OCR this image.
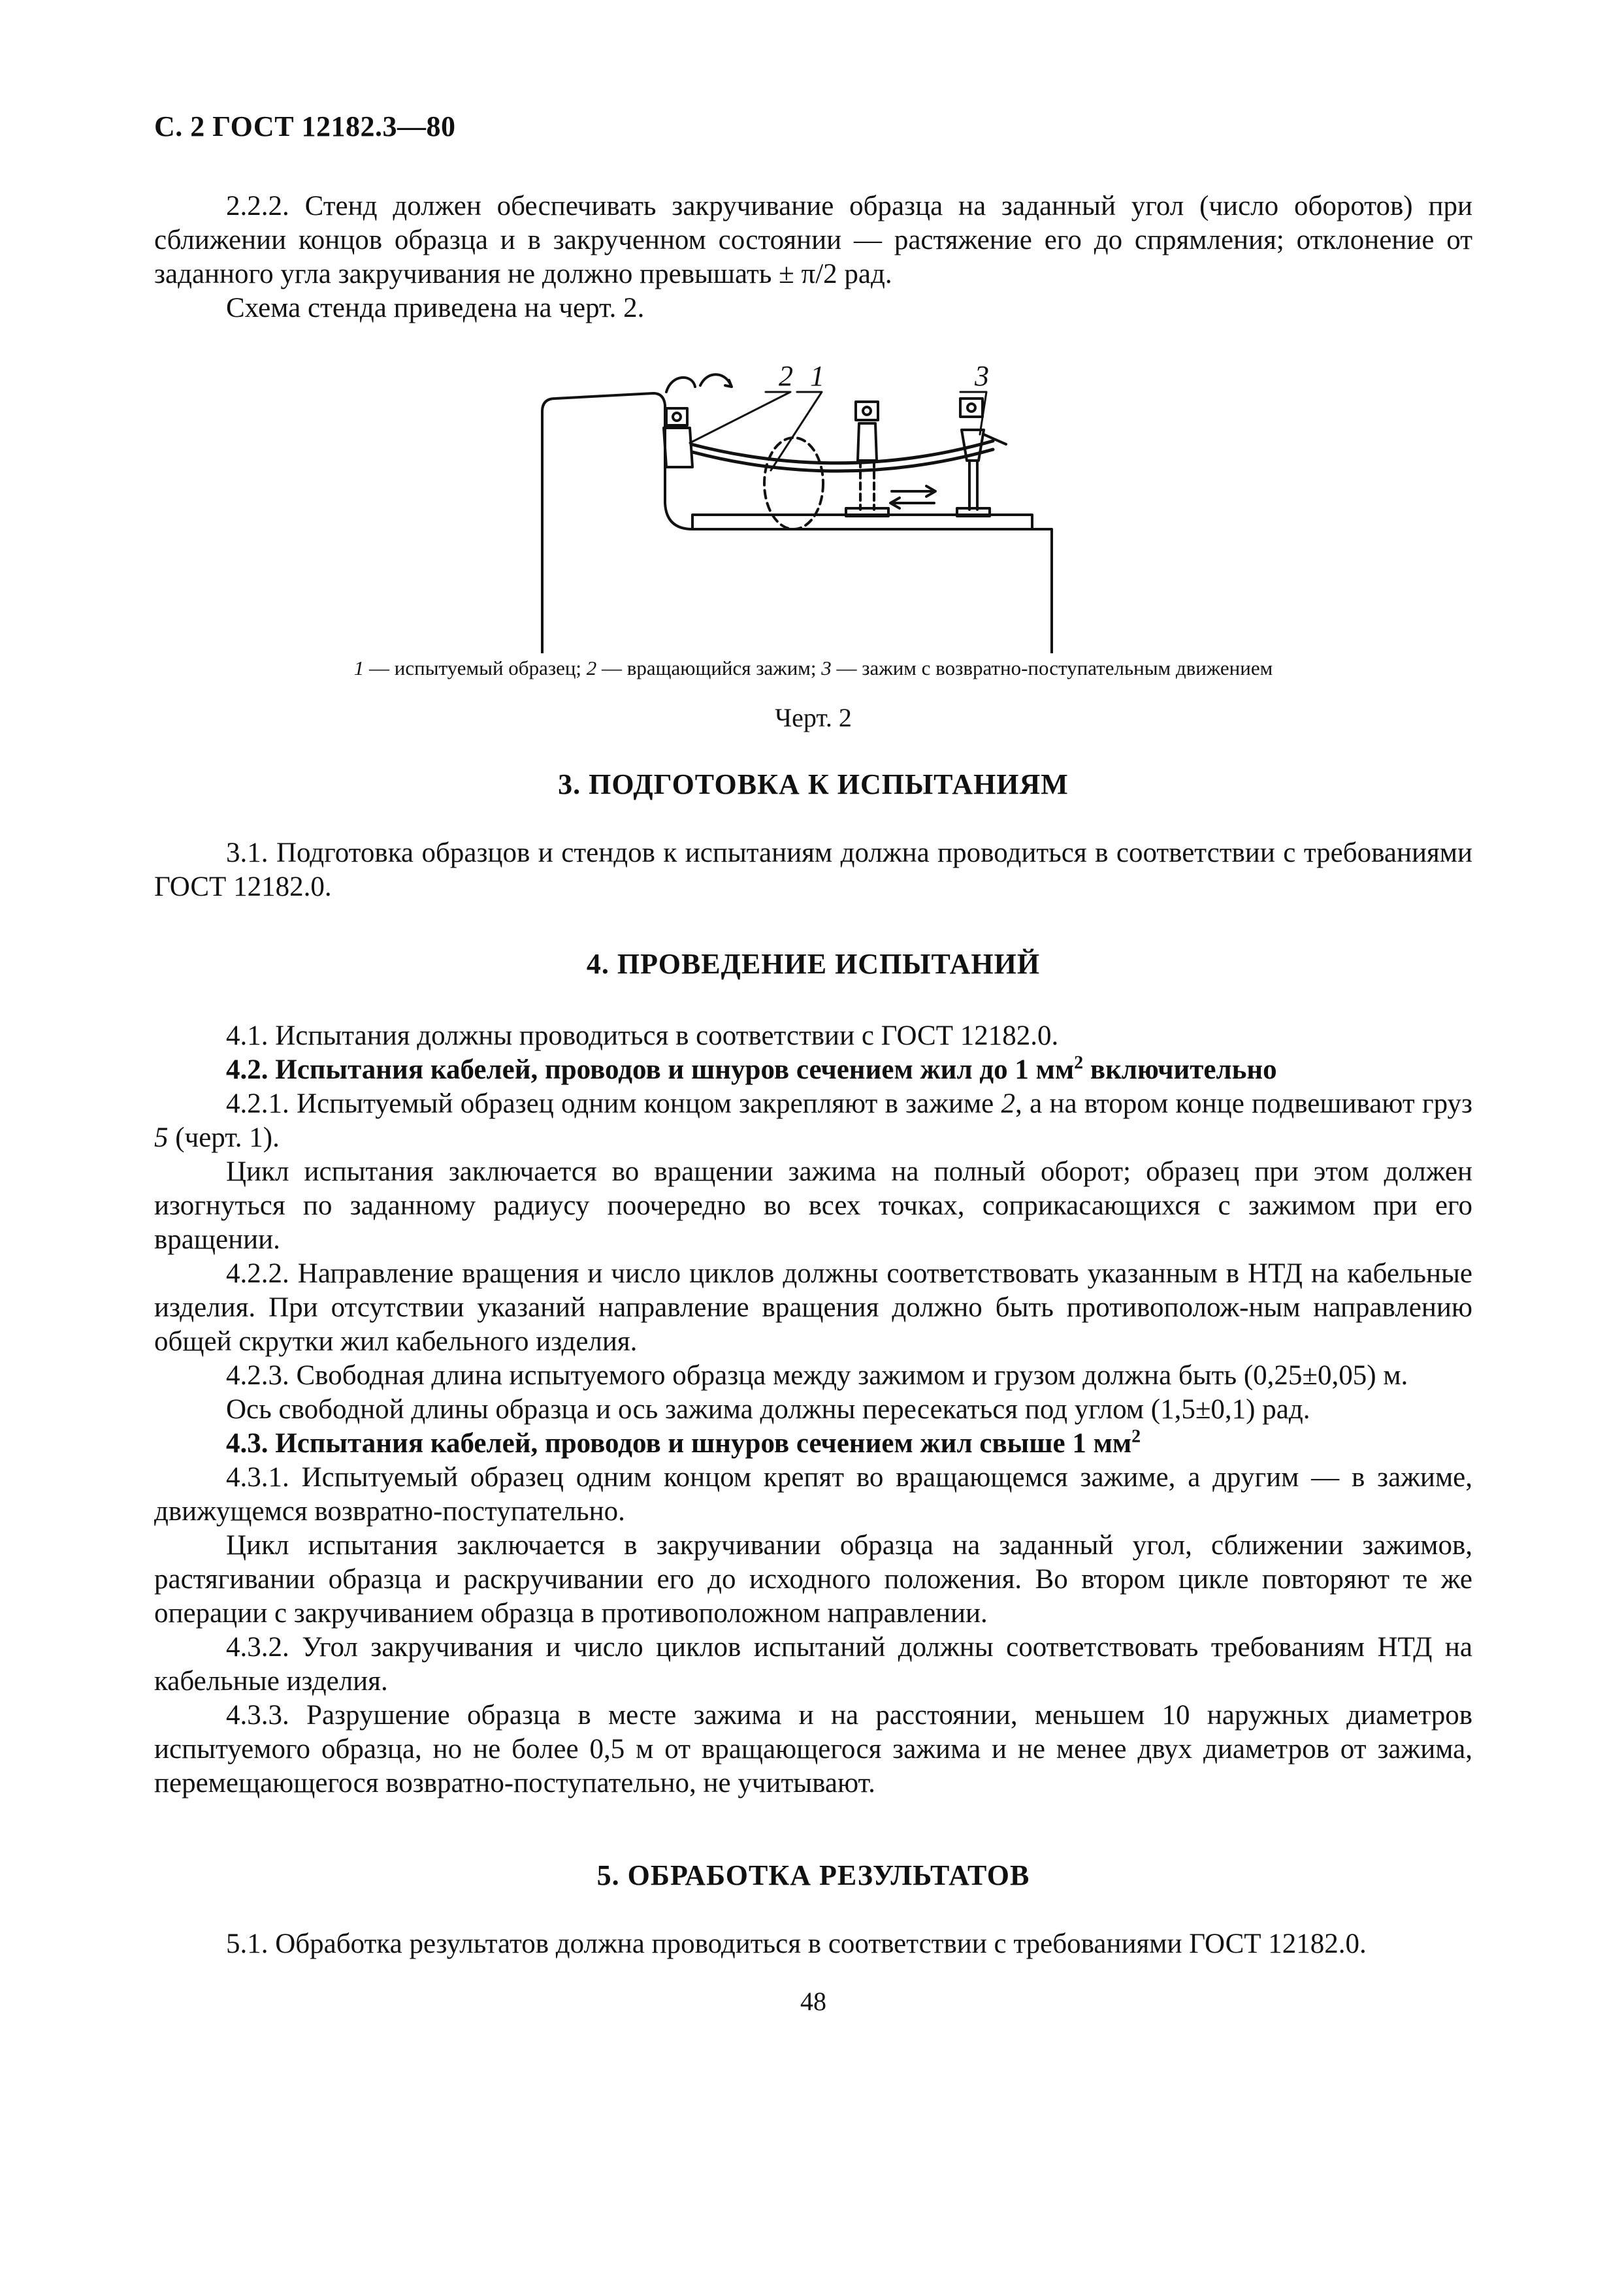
С. 2 ГОСТ 12182.3—80

2.2.2. Стенд должен обеспечивать закручивание образца на заданный угол (число оборотов) при сближении концов образца и в закрученном состоянии — растяжение его до спрямления; отклонение от заданного угла закручивания не должно превышать ± π/2 рад.

Схема стенда приведена на черт. 2.

2 1	3
1 — испытуемый образец; 2 — вращающийся зажим; 3 — зажим с возвратно-поступательным движением
Черт. 2

3. ПОДГОТОВКА К ИСПЫТАНИЯМ

3.1. Подготовка образцов и стендов к испытаниям должна проводиться в соответствии с требованиями ГОСТ 12182.0.

4. ПРОВЕДЕНИЕ ИСПЫТАНИЙ

4.1. Испытания должны проводиться в соответствии с ГОСТ 12182.0.

4.2. Испытания кабелей, проводов и шнуров сечением жил до 1 $мм^2$ включительно

4.2.1. Испытуемый образец одним концом закрепляют в зажиме 2, а на втором конце подвешивают груз 5 (черт. 1).

Цикл испытания заключается во вращении зажима на полный оборот; образец при этом должен изогнуться по заданному радиусу поочередно во всех точках, соприкасающихся с зажимом при его вращении.

4.2.2. Направление вращения и число циклов должны соответствовать указанным в НТД на кабельные изделия. При отсутствии указаний направление вращения должно быть противополож-ным направлению общей скрутки жил кабельного изделия.

4.2.3. Свободная длина испытуемого образца между зажимом и грузом должна быть (0,25±0,05) м.

Ось свободной длины образца и ось зажима должны пересекаться под углом (1,5±0,1) рад.

4.3. Испытания кабелей, проводов и шнуров сечением жил свыше 1 $мм^2$

4.3.1. Испытуемый образец одним концом крепят во вращающемся зажиме, а другим — в зажиме, движущемся возвратно-поступательно.

Цикл испытания заключается в закручивании образца на заданный угол, сближении зажимов, растягивании образца и раскручивании его до исходного положения. Во втором цикле повторяют те же операции с закручиванием образца в противоположном направлении.

4.3.2. Угол закручивания и число циклов испытаний должны соответствовать требованиям НТД на кабельные изделия.

4.3.3. Разрушение образца в месте зажима и на расстоянии, меньшем 10 наружных диаметров испытуемого образца, но не более 0,5 м от вращающегося зажима и не менее двух диаметров от зажима, перемещающегося возвратно-поступательно, не учитывают.

5. ОБРАБОТКА РЕЗУЛЬТАТОВ

5.1. Обработка результатов должна проводиться в соответствии с требованиями ГОСТ 12182.0.

48
